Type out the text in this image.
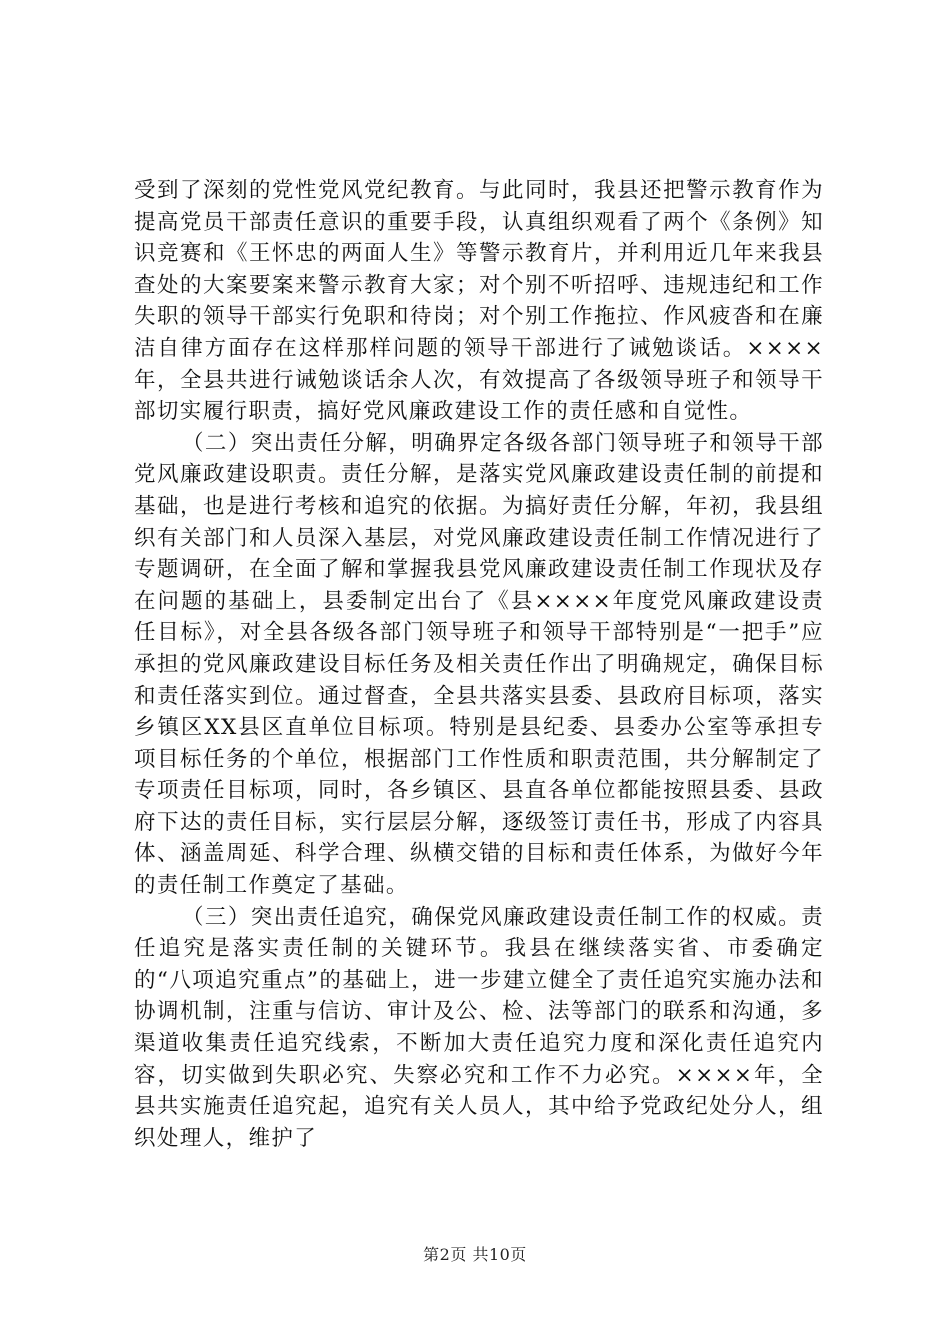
受到了深刻的党性党风党纪教育。与此同时，我县还把警示教育作为提高党员干部责任意识的重要手段，认真组织观看了两个《条例》知识竞赛和《王怀忠的两面人生》等警示教育片，并利用近几年来我县查处的大案要案来警示教育大家；对个别不听招呼、违规违纪和工作失职的领导干部实行免职和待岗；对个别工作拖拉、作风疲沓和在廉洁自律方面存在这样那样问题的领导干部进行了诫勉谈话。××××年，全县共进行诫勉谈话余人次，有效提高了各级领导班子和领导干部切实履行职责，搞好党风廉政建设工作的责任感和自觉性。

（二）突出责任分解，明确界定各级各部门领导班子和领导干部党风廉政建设职责。责任分解，是落实党风廉政建设责任制的前提和基础，也是进行考核和追究的依据。为搞好责任分解，年初，我县组织有关部门和人员深入基层，对党风廉政建设责任制工作情况进行了专题调研，在全面了解和掌握我县党风廉政建设责任制工作现状及存在问题的基础上，县委制定出台了《县××××年度党风廉政建设责任目标》，对全县各级各部门领导班子和领导干部特别是“一把手”应承担的党风廉政建设目标任务及相关责任作出了明确规定，确保目标和责任落实到位。通过督查，全县共落实县委、县政府目标项，落实乡镇区XX县区直单位目标项。特别是县纪委、县委办公室等承担专项目标任务的个单位，根据部门工作性质和职责范围，共分解制定了专项责任目标项，同时，各乡镇区、县直各单位都能按照县委、县政府下达的责任目标，实行层层分解，逐级签订责任书，形成了内容具体、涵盖周延、科学合理、纵横交错的目标和责任体系，为做好今年的责任制工作奠定了基础。

（三）突出责任追究，确保党风廉政建设责任制工作的权威。责任追究是落实责任制的关键环节。我县在继续落实省、市委确定的“八项追究重点”的基础上，进一步建立健全了责任追究实施办法和协调机制，注重与信访、审计及公、检、法等部门的联系和沟通，多渠道收集责任追究线索，不断加大责任追究力度和深化责任追究内容，切实做到失职必究、失察必究和工作不力必究。××××年，全县共实施责任追究起，追究有关人员人，其中给予党政纪处分人，组织处理人，维护了

第2页 共10页
